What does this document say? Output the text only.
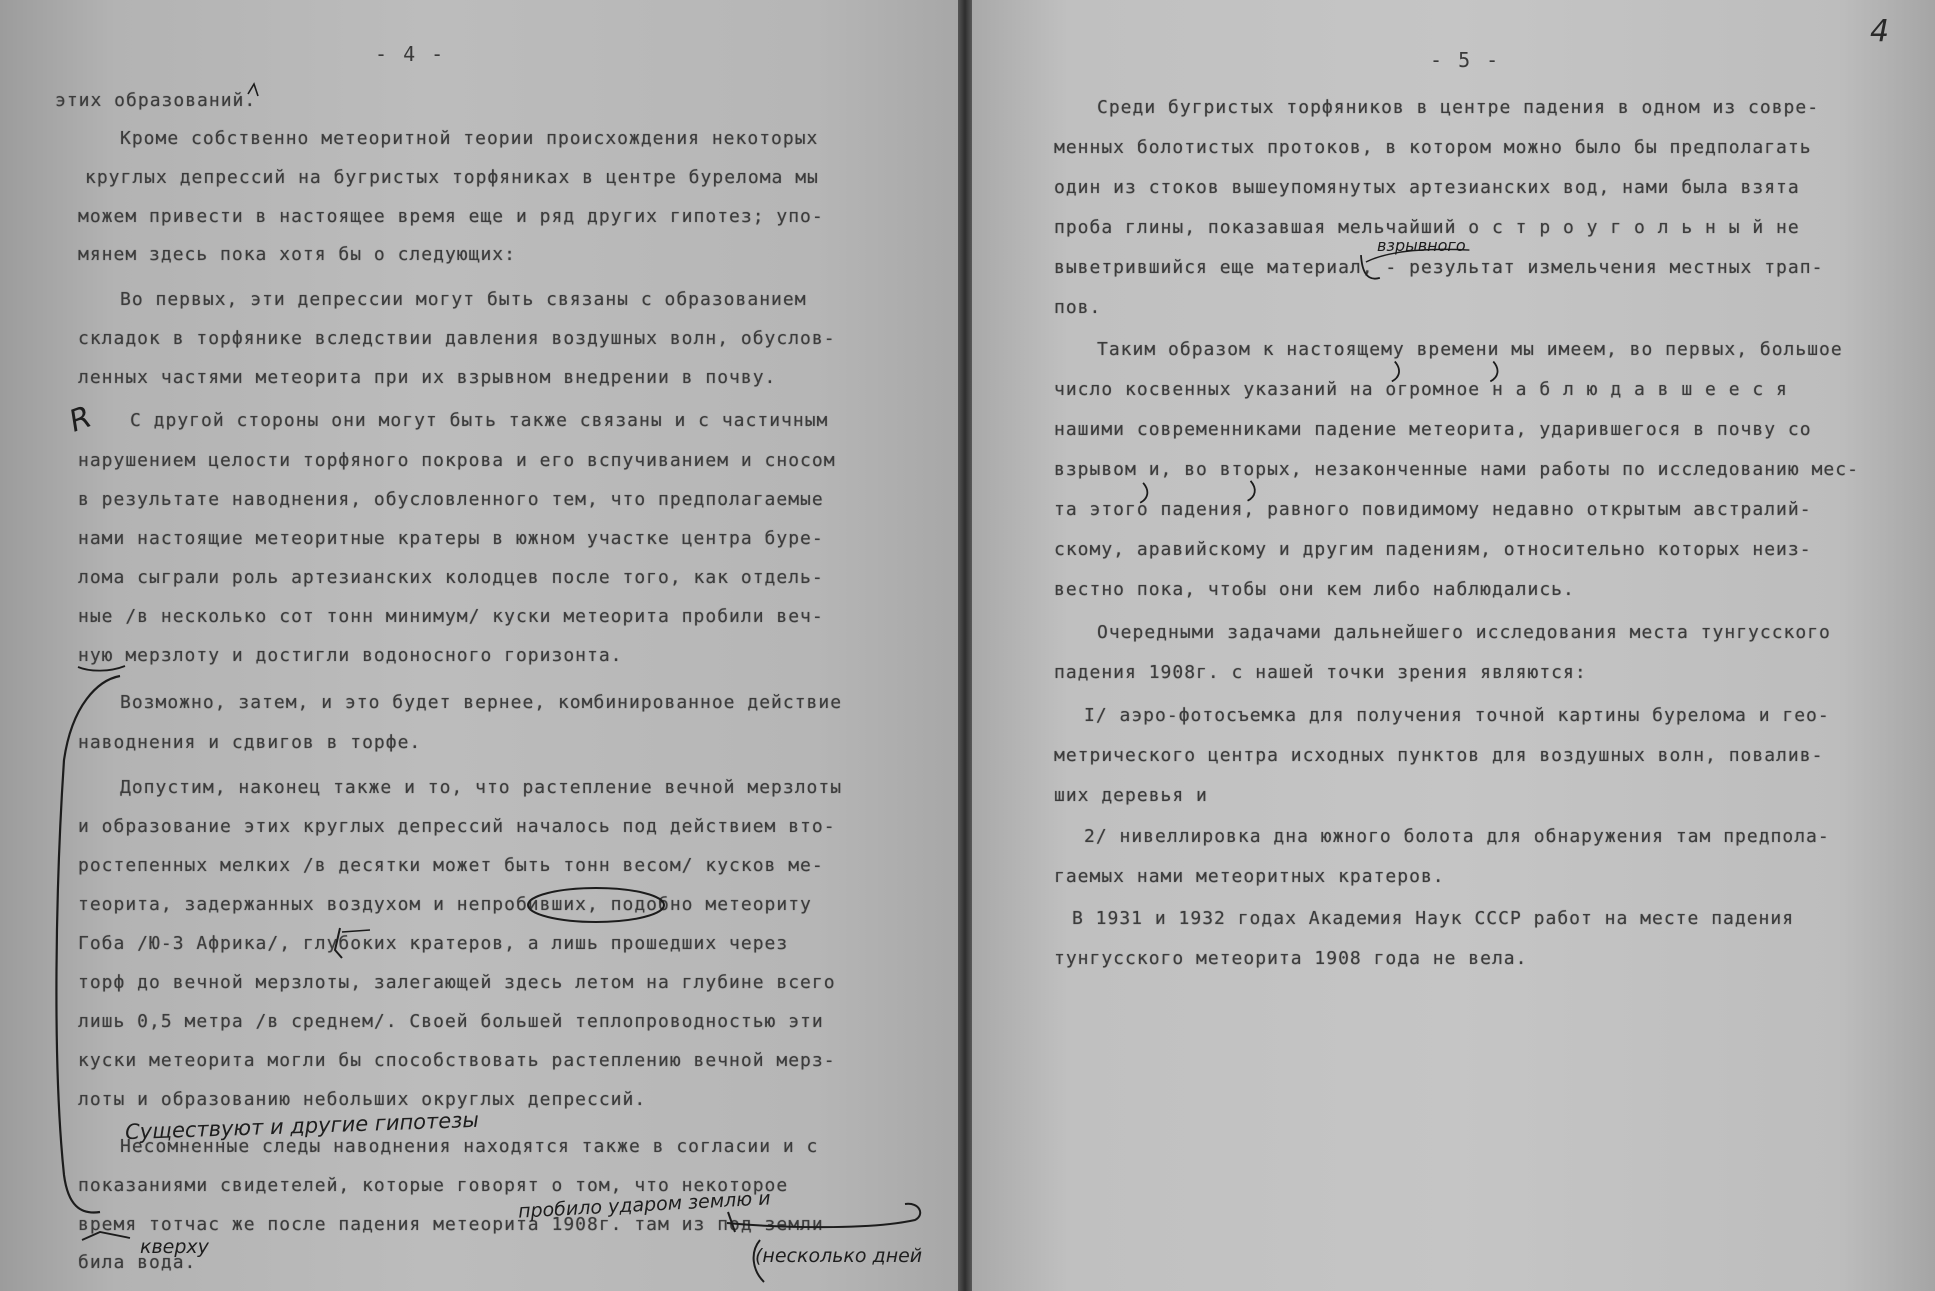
- 4 -

этих образований.

Кроме собственно метеоритной теории происхождения некоторых

круглых депрессий на бугристых торфяниках в центре бурелома мы

можем привести в настоящее время еще и ряд других гипотез; упо-

мянем здесь пока хотя бы о следующих:

Во первых, эти депрессии могут быть связаны с образованием

складок в торфянике вследствии давления воздушных волн, обуслов-

ленных частями метеорита при их взрывном внедрении в почву.

С другой стороны они могут быть также связаны и с частичным

нарушением целости торфяного покрова и его вспучиванием и сносом

в результате наводнения, обусловленного тем, что предполагаемые

нами настоящие метеоритные кратеры в южном участке центра буре-

лома сыграли роль артезианских колодцев после того, как отдель-

ные /в несколько сот тонн минимум/ куски метеорита пробили веч-

ную мерзлоту и достигли водоносного горизонта.

Возможно, затем, и это будет вернее, комбинированное действие

наводнения и сдвигов в торфе.

Допустим, наконец также и то, что растепление вечной мерзлоты

и образование этих круглых депрессий началось под действием вто-

ростепенных мелких /в десятки может быть тонн весом/ кусков ме-

теорита, задержанных воздухом и непробивших, подобно метеориту

Гоба /Ю-З Африка/, глубоких кратеров, а лишь прошедших через

торф до вечной мерзлоты, залегающей здесь летом на глубине всего

лишь 0,5 метра /в среднем/. Своей большей теплопроводностью эти

куски метеорита могли бы способствовать растеплению вечной мерз-

лоты и образованию небольших округлых депрессий.

Несомненные следы наводнения находятся также в согласии и с

показаниями свидетелей, которые говорят о том, что некоторое

время тотчас же после падения метеорита 1908г. там из под земли

била вода.

R
Существуют и другие гипотезы
пробило ударом землю и
кверху	(несколько дней
- 5 -
4

Среди бугристых торфяников в центре падения в одном из совре-

менных болотистых протоков, в котором можно было бы предполагать

один из стоков вышеупомянутых артезианских вод, нами была взята

проба глины, показавшая мельчайший о с т р о у г о л ь н ы й не

выветрившийся еще материал, - результат измельчения местных трап-

пов.

Таким образом к настоящему времени мы имеем, во первых, большое

число косвенных указаний на огромное н а б л ю д а в ш е е с я

нашими современниками падение метеорита, ударившегося в почву со

взрывом и, во вторых, незаконченные нами работы по исследованию мес-

та этого падения, равного повидимому недавно открытым австралий-

скому, аравийскому и другим падениям, относительно которых неиз-

вестно пока, чтобы они кем либо наблюдались.

Очередными задачами дальнейшего исследования места тунгусского

падения 1908г. с нашей точки зрения являются:

I/ аэро-фотосъемка для получения точной картины бурелома и гео-

метрического центра исходных пунктов для воздушных волн, повалив-

ших деревья и

2/ нивеллировка дна южного болота для обнаружения там предпола-

гаемых нами метеоритных кратеров.

В 1931 и 1932 годах Академия Наук СССР работ на месте падения

тунгусского метеорита 1908 года не вела.

взрывного
